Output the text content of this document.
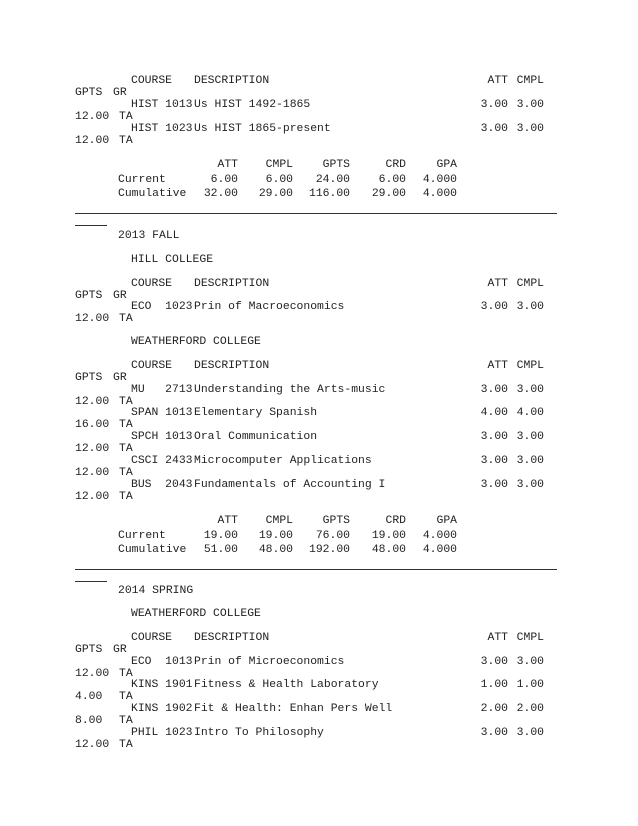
COURSE DESCRIPTION	ATT CMPL
GPTS GR
HIST 1013 Us HIST 1492-1865	3.00 3.00
12.00 TA
HIST 1023 Us HIST 1865-present	3.00 3.00
12.00 TA
ATT	CMPL	GPTS	CRD	GPA
Current	6.00	6.00	24.00	6.00	4.000
Cumulative	32.00	29.00	116.00	29.00	4.000
2013 FALL
HILL COLLEGE
COURSE DESCRIPTION	ATT CMPL
GPTS GR
ECO  1023 Prin of Macroeconomics	3.00 3.00
12.00 TA
WEATHERFORD COLLEGE
COURSE DESCRIPTION	ATT CMPL
GPTS GR
MU   2713 Understanding the Arts-music	3.00 3.00
12.00 TA
SPAN 1013 Elementary Spanish	4.00 4.00
16.00 TA
SPCH 1013 Oral Communication	3.00 3.00
12.00 TA
CSCI 2433 Microcomputer Applications	3.00 3.00
12.00 TA
BUS  2043 Fundamentals of Accounting I	3.00 3.00
12.00 TA
ATT	CMPL	GPTS	CRD	GPA
Current	19.00	19.00	76.00	19.00	4.000
Cumulative	51.00	48.00	192.00	48.00	4.000
2014 SPRING
WEATHERFORD COLLEGE
COURSE DESCRIPTION	ATT CMPL
GPTS GR
ECO  1013 Prin of Microeconomics	3.00 3.00
12.00 TA
KINS 1901 Fitness & Health Laboratory	1.00 1.00
4.00 TA
KINS 1902 Fit & Health: Enhan Pers Well	2.00 2.00
8.00 TA
PHIL 1023 Intro To Philosophy	3.00 3.00
12.00 TA
